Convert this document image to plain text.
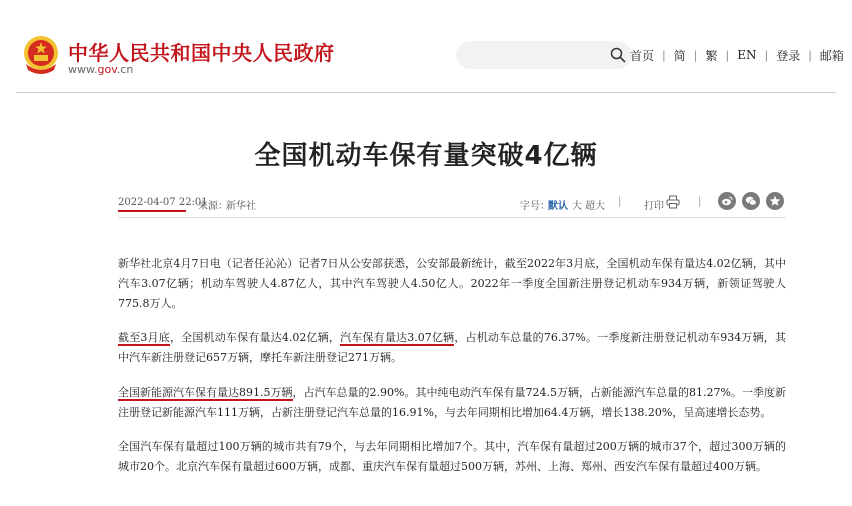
中华人民共和国中央人民政府
www.gov.cn
首页 | 简 | 繁 | EN | 登录 | 邮箱
全国机动车保有量突破4亿辆
2022-04-07 22:01
来源：
新华社	字号：
默认 大 超大 | 打印	|

新华社北京4月7日电（记者任沁沁）记者7日从公安部获悉，公安部最新统计，截至2022年3月底，全国机动车保有量达4.02亿辆，其中汽车3.07亿辆；机动车驾驶人4.87亿人，其中汽车驾驶人4.50亿人。2022年一季度全国新注册登记机动车934万辆，新领证驾驶人775.8万人。

截至3月底，全国机动车保有量达4.02亿辆，汽车保有量达3.07亿辆，占机动车总量的76.37%。一季度新注册登记机动车934万辆，其中汽车新注册登记657万辆，摩托车新注册登记271万辆。

全国新能源汽车保有量达891.5万辆，占汽车总量的2.90%。其中纯电动汽车保有量724.5万辆，占新能源汽车总量的81.27%。一季度新注册登记新能源汽车111万辆，占新注册登记汽车总量的16.91%，与去年同期相比增加64.4万辆，增长138.20%，呈高速增长态势。

全国汽车保有量超过100万辆的城市共有79个，与去年同期相比增加7个。其中，汽车保有量超过200万辆的城市37个，超过300万辆的城市20个。北京汽车保有量超过600万辆，成都、重庆汽车保有量超过500万辆，苏州、上海、郑州、西安汽车保有量超过400万辆。
